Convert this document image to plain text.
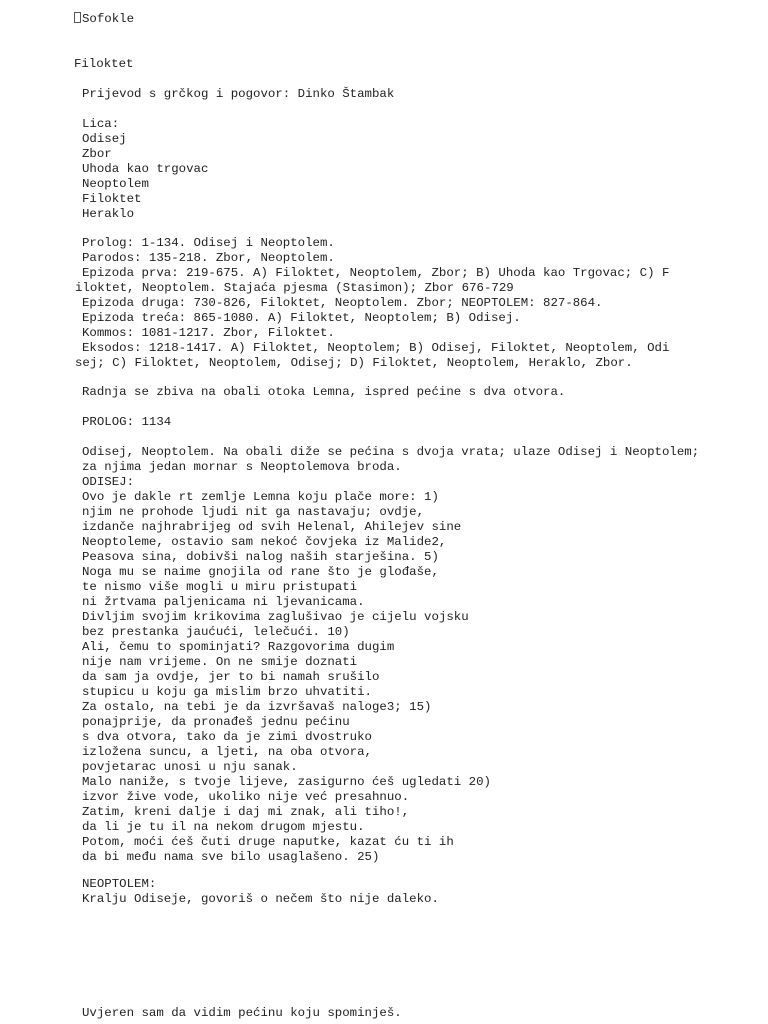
Sofokle
Filoktet
Prijevod s grčkog i pogovor: Dinko Štambak
Lica:
Odisej
Zbor
Uhoda kao trgovac
Neoptolem
Filoktet
Heraklo
Prolog: 1-134. Odisej i Neoptolem.
Parodos: 135-218. Zbor, Neoptolem.
Epizoda prva: 219-675. A) Filoktet, Neoptolem, Zbor; B) Uhoda kao Trgovac; C) F
iloktet, Neoptolem. Stajaća pjesma (Stasimon); Zbor 676-729
Epizoda druga: 730-826, Filoktet, Neoptolem. Zbor; NEOPTOLEM: 827-864.
Epizoda treća: 865-1080. A) Filoktet, Neoptolem; B) Odisej.
Kommos: 1081-1217. Zbor, Filoktet.
Eksodos: 1218-1417. A) Filoktet, Neoptolem; B) Odisej, Filoktet, Neoptolem, Odi
sej; C) Filoktet, Neoptolem, Odisej; D) Filoktet, Neoptolem, Heraklo, Zbor.
Radnja se zbiva na obali otoka Lemna, ispred pećine s dva otvora.
PROLOG: 1134
Odisej, Neoptolem. Na obali diže se pećina s dvoja vrata; ulaze Odisej i Neoptolem;
za njima jedan mornar s Neoptolemova broda.
ODISEJ:
Ovo je dakle rt zemlje Lemna koju plače more: 1)
njim ne prohode ljudi nit ga nastavaju; ovdje,
izdanče najhrabrijeg od svih Helenal, Ahilejev sine
Neoptoleme, ostavio sam nekoć čovjeka iz Malide2,
Peasova sina, dobivši nalog naših starješina. 5)
Noga mu se naime gnojila od rane što je glođaše,
te nismo više mogli u miru pristupati
ni žrtvama paljenicama ni ljevanicama.
Divljim svojim krikovima zaglušivao je cijelu vojsku
bez prestanka jaućući, lelečući. 10)
Ali, čemu to spominjati? Razgovorima dugim
nije nam vrijeme. On ne smije doznati
da sam ja ovdje, jer to bi namah srušilo
stupicu u koju ga mislim brzo uhvatiti.
Za ostalo, na tebi je da izvršavaš naloge3; 15)
ponajprije, da pronađeš jednu pećinu
s dva otvora, tako da je zimi dvostruko
izložena suncu, a ljeti, na oba otvora,
povjetarac unosi u nju sanak.
Malo naniže, s tvoje lijeve, zasigurno ćeš ugledati 20)
izvor žive vode, ukoliko nije već presahnuo.
Zatim, kreni dalje i daj mi znak, ali tiho!,
da li je tu il na nekom drugom mjestu.
Potom, moći ćeš čuti druge naputke, kazat ću ti ih
da bi među nama sve bilo usaglašeno. 25)
NEOPTOLEM:
Kralju Odiseje, govoriš o nečem što nije daleko.
Uvjeren sam da vidim pećinu koju spominješ.
